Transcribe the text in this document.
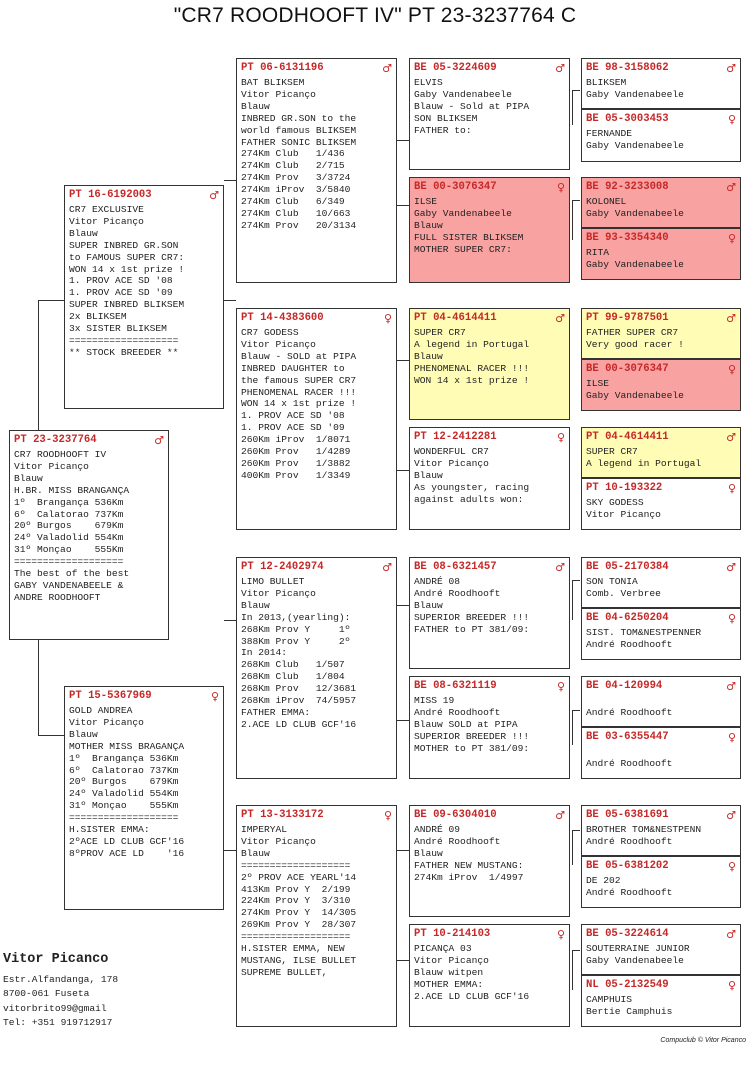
"CR7 ROODHOOFT IV" PT 23-3237764 C
PT 23-3237764	♂
CR7 ROODHOOFT IV
Vitor Picanço
Blauw
H.BR. MISS BRANGANÇA
1º  Brangança 536Km
6º  Calatorao 737Km
20º Burgos    679Km
24º Valadolid 554Km
31º Monçao    555Km
===================
The best of the best
GABY VANDENABEELE &
ANDRE ROODHOOFT
PT 16-6192003	♂
CR7 EXCLUSIVE
Vitor Picanço
Blauw
SUPER INBRED GR.SON
to FAMOUS SUPER CR7:
WON 14 x 1st prize !
1. PROV ACE SD '08
1. PROV ACE SD '09
SUPER INBRED BLIKSEM
2x BLIKSEM
3x SISTER BLIKSEM
===================
** STOCK BREEDER **
PT 15-5367969	♀
GOLD ANDREA
Vitor Picanço
Blauw
MOTHER MISS BRAGANÇA
1º  Brangança 536Km
6º  Calatorao 737Km
20º Burgos    679Km
24º Valadolid 554Km
31º Monçao    555Km
===================
H.SISTER EMMA:
2ºACE LD CLUB GCF'16
8ºPROV ACE LD    '16
PT 06-6131196	♂
BAT BLIKSEM
Vitor Picanço
Blauw
INBRED GR.SON to the
world famous BLIKSEM
FATHER SONIC BLIKSEM
274Km Club   1/436
274Km Club   2/715
274Km Prov   3/3724
274Km iProv  3/5840
274Km Club   6/349
274Km Club   10/663
274Km Prov   20/3134
PT 14-4383600	♀
CR7 GODESS
Vitor Picanço
Blauw - SOLD at PIPA
INBRED DAUGHTER to
the famous SUPER CR7
PHENOMENAL RACER !!!
WON 14 x 1st prize !
1. PROV ACE SD '08
1. PROV ACE SD '09
260Km iProv  1/8071
260Km Prov   1/4289
260Km Prov   1/3882
400Km Prov   1/3349
PT 12-2402974	♂
LIMO BULLET
Vitor Picanço
Blauw
In 2013,(yearling):
268Km Prov Y     1º
388Km Prov Y     2º
In 2014:
268Km Club   1/507
268Km Club   1/804
268Km Prov   12/3681
268Km iProv  74/5957
FATHER EMMA:
2.ACE LD CLUB GCF'16
PT 13-3133172	♀
IMPERYAL
Vitor Picanço
Blauw
===================
2º PROV ACE YEARL'14
413Km Prov Y  2/199
224Km Prov Y  3/310
274Km Prov Y  14/305
269Km Prov Y  28/307
===================
H.SISTER EMMA, NEW
MUSTANG, ILSE BULLET
SUPREME BULLET,
BE 05-3224609	♂
ELVIS
Gaby Vandenabeele
Blauw - Sold at PIPA
SON BLIKSEM
FATHER to:
BE 00-3076347	♀
ILSE
Gaby Vandenabeele
Blauw
FULL SISTER BLIKSEM
MOTHER SUPER CR7:
PT 04-4614411	♂
SUPER CR7
A legend in Portugal
Blauw
PHENOMENAL RACER !!!
WON 14 x 1st prize !
PT 12-2412281	♀
WONDERFUL CR7
Vitor Picanço
Blauw
As youngster, racing
against adults won:
BE 08-6321457	♂
ANDRÉ 08
André Roodhooft
Blauw
SUPERIOR BREEDER !!!
FATHER to PT 381/09:
BE 08-6321119	♀
MISS 19
André Roodhooft
Blauw SOLD at PIPA
SUPERIOR BREEDER !!!
MOTHER to PT 381/09:
BE 09-6304010	♂
ANDRÉ 09
André Roodhooft
Blauw
FATHER NEW MUSTANG:
274Km iProv  1/4997
PT 10-214103	♀
PICANÇA 03
Vitor Picanço
Blauw witpen
MOTHER EMMA:
2.ACE LD CLUB GCF'16
BE 98-3158062	♂
BLIKSEM
Gaby Vandenabeele
BE 05-3003453	♀
FERNANDE
Gaby Vandenabeele
BE 92-3233008	♂
KOLONEL
Gaby Vandenabeele
BE 93-3354340	♀
RITA
Gaby Vandenabeele
PT 99-9787501	♂
FATHER SUPER CR7
Very good racer !
BE 00-3076347	♀
ILSE
Gaby Vandenabeele
PT 04-4614411	♂
SUPER CR7
A legend in Portugal
PT 10-193322	♀
SKY GODESS
Vitor Picanço
BE 05-2170384	♂
SON TONIA
Comb. Verbree
BE 04-6250204	♀
SIST. TOM&NESTPENNER
André Roodhooft
BE 04-120994	♂
André Roodhooft
BE 03-6355447	♀
André Roodhooft
BE 05-6381691	♂
BROTHER TOM&NESTPENN
André Roodhooft
BE 05-6381202	♀
DE 202
André Roodhooft
BE 05-3224614	♂
SOUTERRAINE JUNIOR
Gaby Vandenabeele
NL 05-2132549	♀
CAMPHUIS
Bertie Camphuis
Vitor Picanco
Estr.Alfandanga, 178
8700-061 Fuseta
vitorbrito99@gmail
Tel: +351 919712917
Compuclub © Vitor Picanco
